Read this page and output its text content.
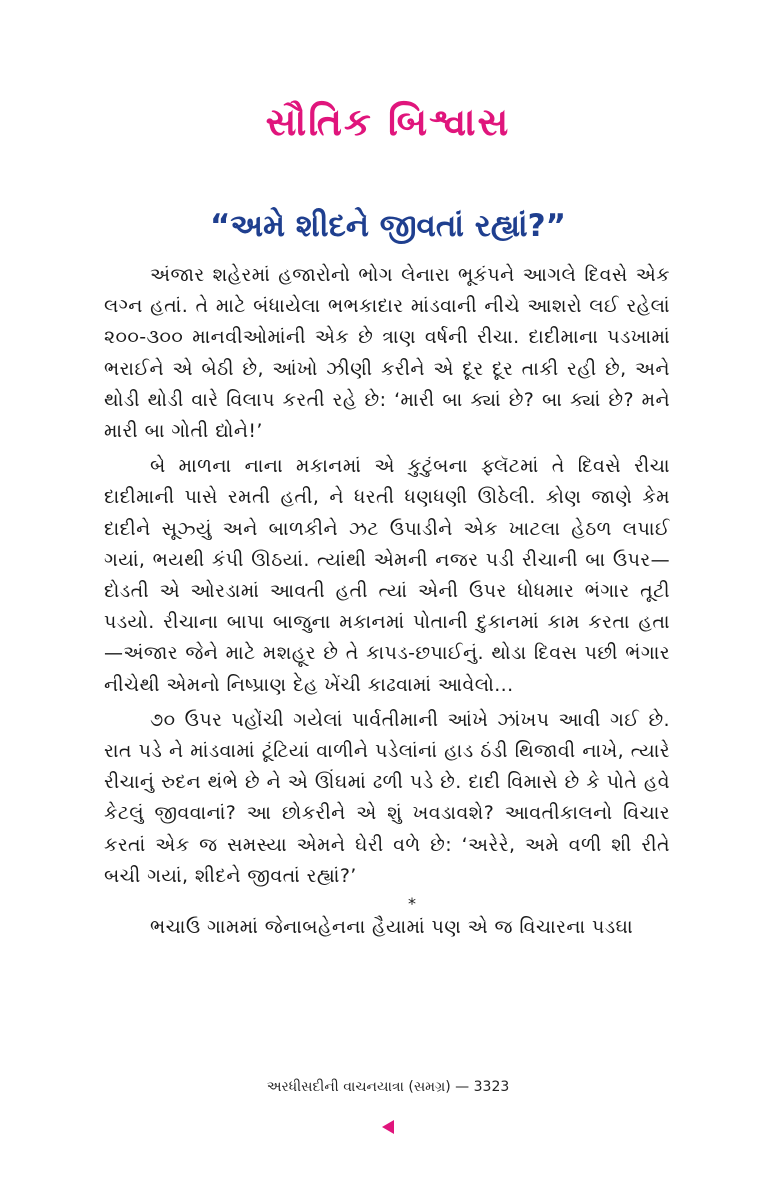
સૌતિક બિશ્વાસ
“અમે શીદને જીવતાં રહ્યાં?”

અંજાર શહેરમાં હજારોનો ભોગ લેનારા ભૂકંપને આગલે દિવસે એક લગ્ન હતાં. તે માટે બંધાયેલા ભભકાદાર માંડવાની નીચે આશરો લઈ રહેલાં ૨૦૦-૩૦૦ માનવીઓમાંની એક છે ત્રાણ વર્ષની રીચા. દાદીમાના પડખામાં ભરાઈને એ બેઠી છે, આંખો ઝીણી કરીને એ દૂર દૂર તાકી રહી છે, અને થોડી થોડી વારે વિલાપ કરતી રહે છે: ‘મારી બા ક્યાં છે? બા ક્યાં છે? મને મારી બા ગોતી દ્યોને!’

બે માળના નાના મકાનમાં એ કુટુંબના ફ્લૅટમાં તે દિવસે રીચા દાદીમાની પાસે રમતી હતી, ને ધરતી ધણધણી ઊઠેલી. કોણ જાણે કેમ દાદીને સૂઝ્યું અને બાળકીને ઝટ ઉપાડીને એક ખાટલા હેઠળ લપાઈ ગયાં, ભયથી કંપી ઊઠયાં. ત્યાંથી એમની નજર પડી રીચાની બા ઉપર—દોડતી એ ઓરડામાં આવતી હતી ત્યાં એની ઉપર ધોધમાર ભંગાર તૂટી પડયો. રીચાના બાપા બાજુના મકાનમાં પોતાની દુકાનમાં કામ કરતા હતા—અંજાર જેને માટે મશહૂર છે તે કાપડ-છપાઈનું. થોડા દિવસ પછી ભંગાર નીચેથી એમનો નિષ્પ્રાણ દેહ ખેંચી કાઢવામાં આવેલો...

૭૦ ઉપર પહોંચી ગયેલાં પાર્વતીમાની આંખે ઝાંખપ આવી ગઈ છે. રાત પડે ને માંડવામાં ટૂંટિયાં વાળીને પડેલાંનાં હાડ ઠંડી થિજાવી નાખે, ત્યારે રીચાનું રુદન થંભે છે ને એ ઊંઘમાં ઢળી પડે છે. દાદી વિમાસે છે કે પોતે હવે કેટલું જીવવાનાં? આ છોકરીને એ શું ખવડાવશે? આવતીકાલનો વિચાર કરતાં એક જ સમસ્યા એમને ઘેરી વળે છે: ‘અરેરે, અમે વળી શી રીતે બચી ગયાં, શીદને જીવતાં રહ્યાં?’

*

ભચાઉ ગામમાં જેનાબહેનના હૈયામાં પણ એ જ વિચારના પડઘા

અરધીસદીની વાચનયાત્રા (સમગ્ર) — 3323
